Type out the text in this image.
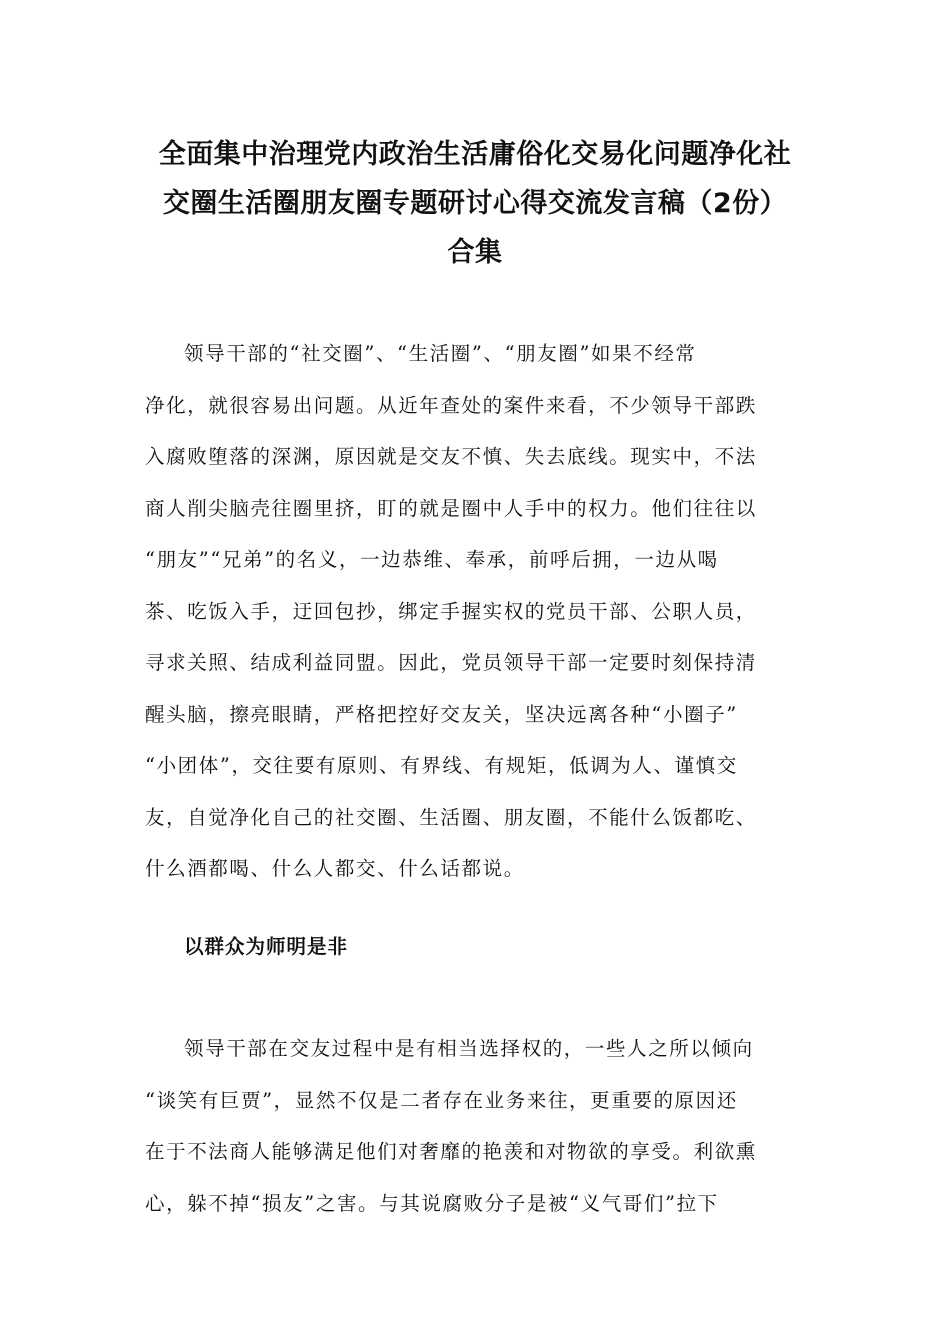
全面集中治理党内政治生活庸俗化交易化问题净化社
交圈生活圈朋友圈专题研讨心得交流发言稿（2份）
合集

领导干部的“社交圈”、“生活圈”、“朋友圈”如果不经常
净化，就很容易出问题。从近年查处的案件来看，不少领导干部跌
入腐败堕落的深渊，原因就是交友不慎、失去底线。现实中，不法
商人削尖脑壳往圈里挤，盯的就是圈中人手中的权力。他们往往以
“朋友”“兄弟”的名义，一边恭维、奉承，前呼后拥，一边从喝
茶、吃饭入手，迂回包抄，绑定手握实权的党员干部、公职人员，
寻求关照、结成利益同盟。因此，党员领导干部一定要时刻保持清
醒头脑，擦亮眼睛，严格把控好交友关，坚决远离各种“小圈子”
“小团体”，交往要有原则、有界线、有规矩，低调为人、谨慎交
友，自觉净化自己的社交圈、生活圈、朋友圈，不能什么饭都吃、
什么酒都喝、什么人都交、什么话都说。

以群众为师明是非

领导干部在交友过程中是有相当选择权的，一些人之所以倾向
“谈笑有巨贾”，显然不仅是二者存在业务来往，更重要的原因还
在于不法商人能够满足他们对奢靡的艳羡和对物欲的享受。利欲熏
心，躲不掉“损友”之害。与其说腐败分子是被“义气哥们”拉下
